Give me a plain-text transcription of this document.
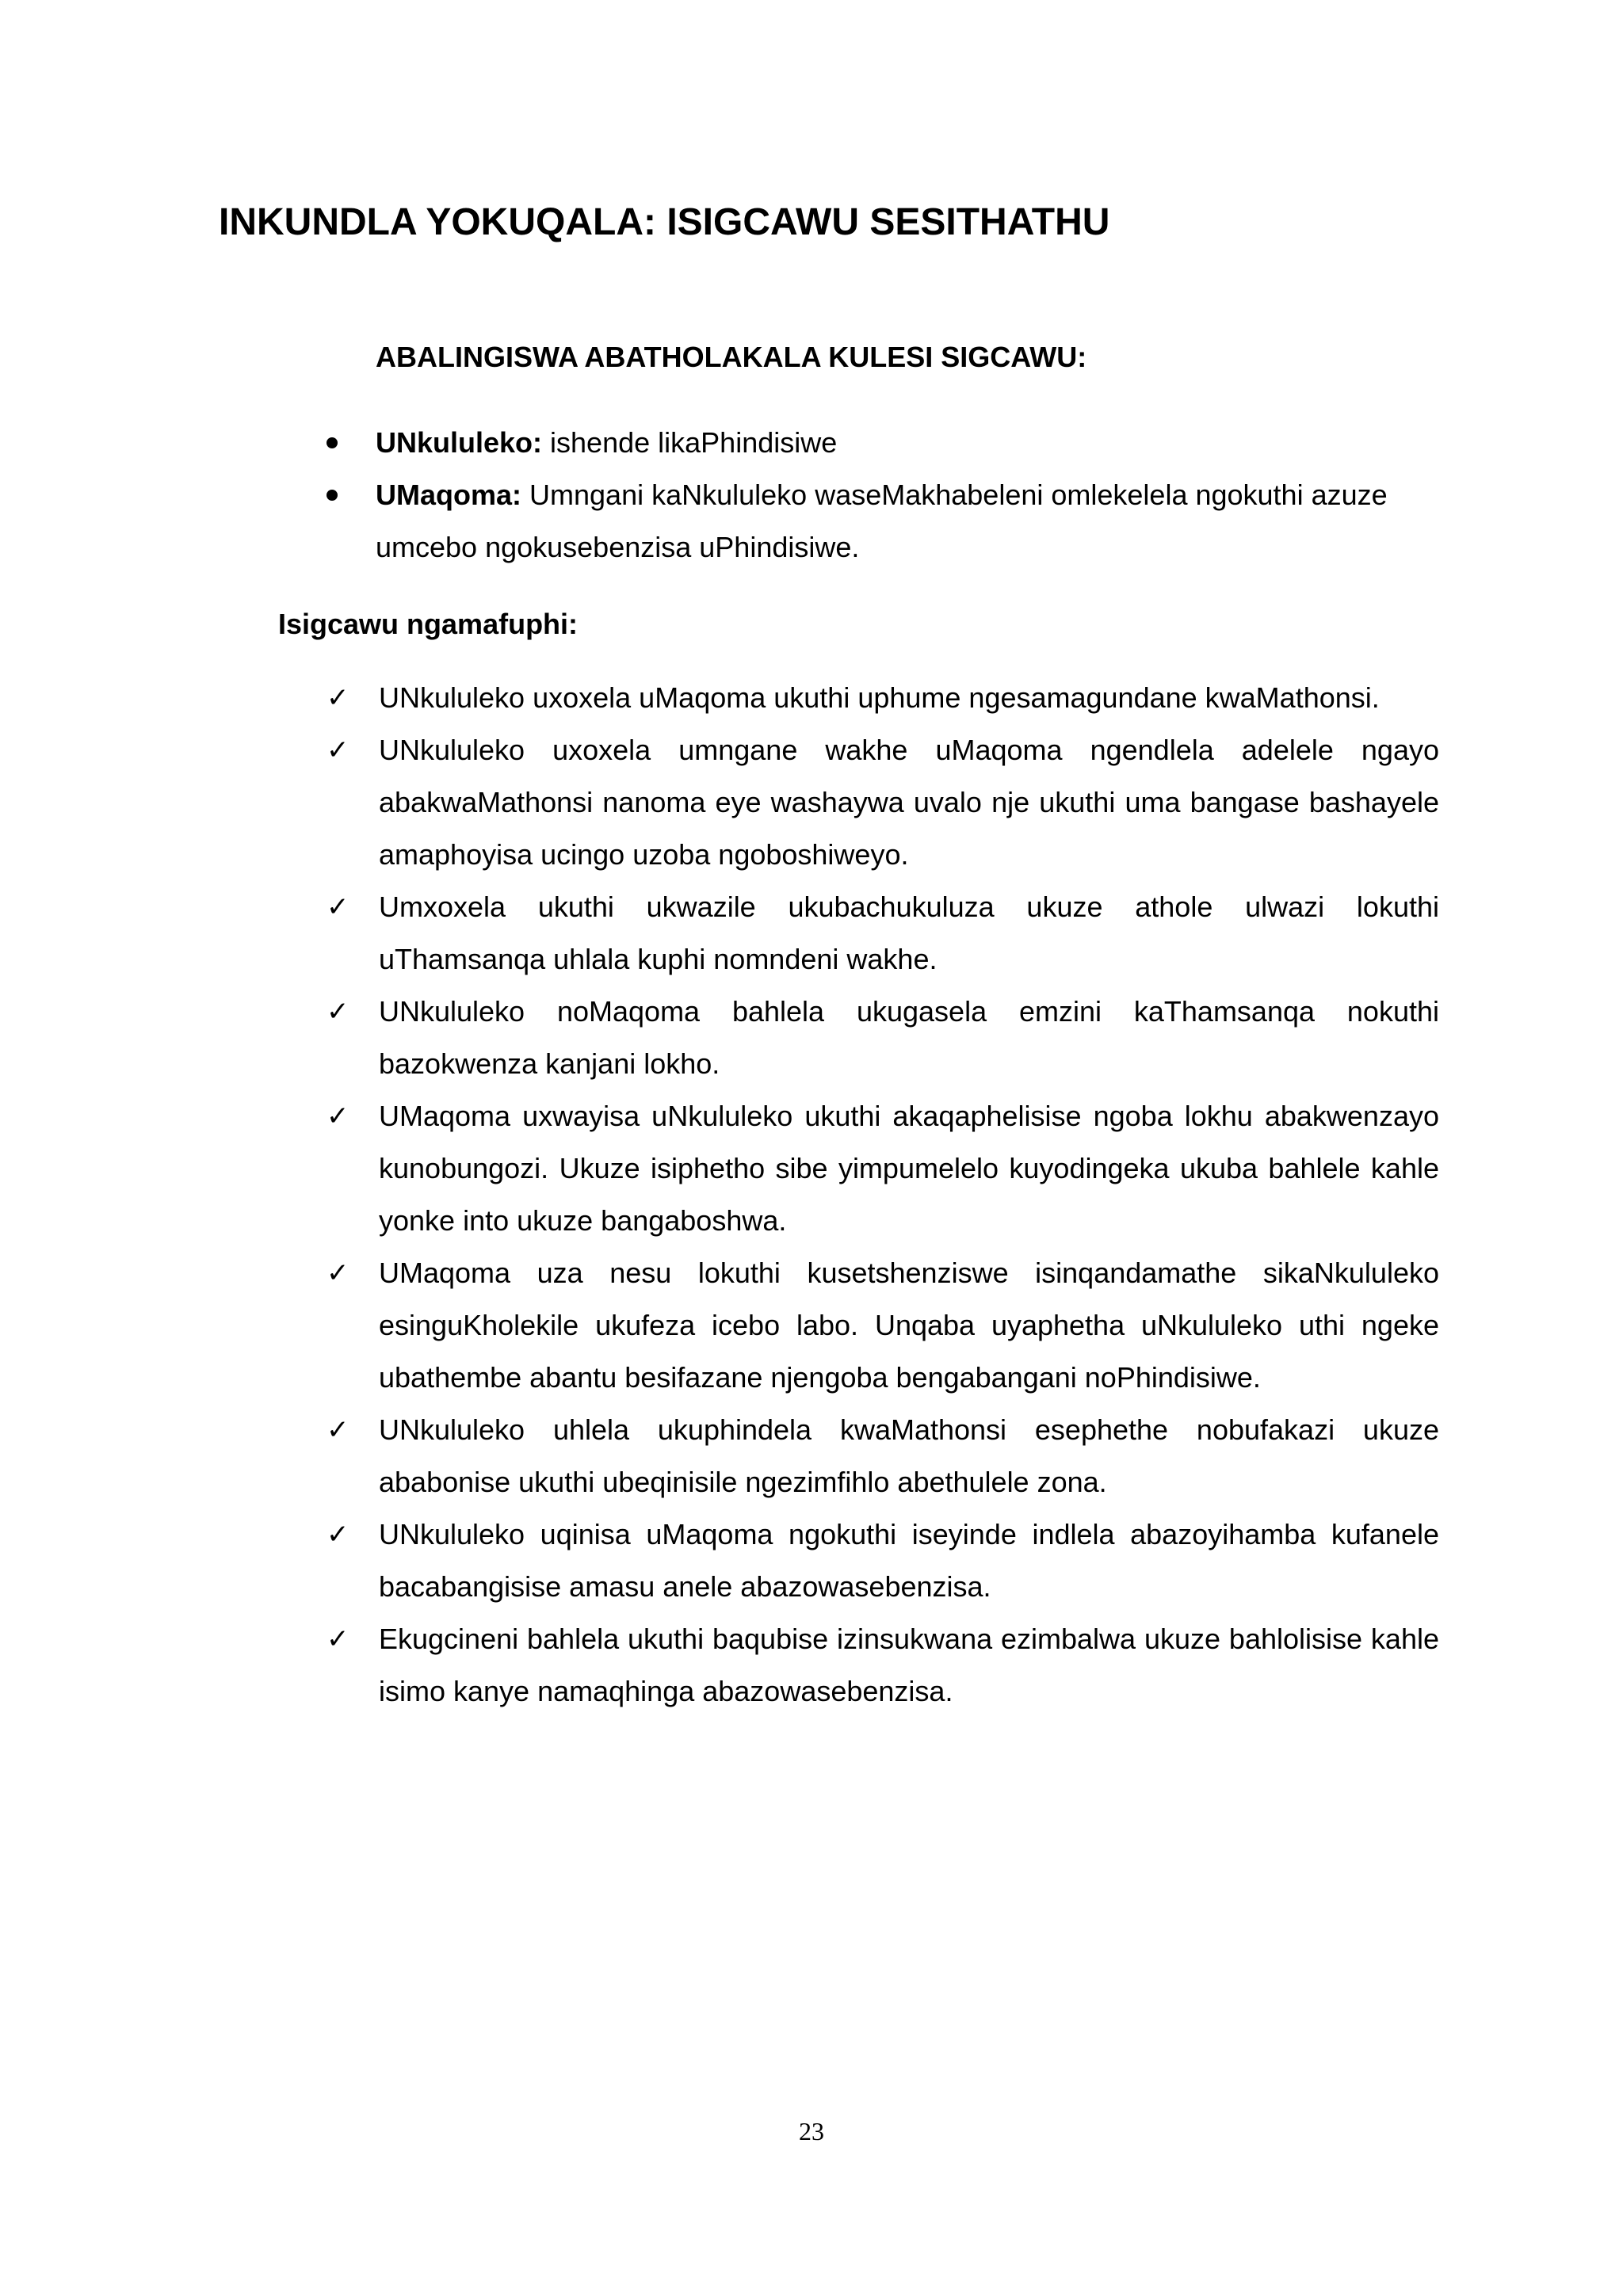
INKUNDLA YOKUQALA: ISIGCAWU SESITHATHU
ABALINGISWA ABATHOLAKALA KULESI SIGCAWU:
UNkululeko: ishende likaPhindisiwe
UMaqoma: Umngani kaNkululeko waseMakhabeleni omlekelela ngokuthi azuze umcebo ngokusebenzisa uPhindisiwe.
Isigcawu ngamafuphi:
✓ UNkululeko uxoxela uMaqoma ukuthi uphume ngesamagundane kwaMathonsi.
✓ UNkululeko uxoxela umngane wakhe uMaqoma ngendlela adelele ngayo abakwaMathonsi nanoma eye washaywa uvalo nje ukuthi uma bangase bashayele amaphoyisa ucingo uzoba ngoboshiweyo.
✓ Umxoxela ukuthi ukwazile ukubachukuluza ukuze athole ulwazi lokuthi uThamsanqa uhlala kuphi nomndeni wakhe.
✓ UNkululeko noMaqoma bahlela ukugasela emzini kaThamsanqa nokuthi bazokwenza kanjani lokho.
✓ UMaqoma uxwayisa uNkululeko ukuthi akaqaphelisise ngoba lokhu abakwenzayo kunobungozi. Ukuze isiphetho sibe yimpumelelo kuyodingeka ukuba bahlele kahle yonke into ukuze bangaboshwa.
✓ UMaqoma uza nesu lokuthi kusetshenziswe isinqandamathe sikaNkululeko esinguKholekile ukufeza icebo labo. Unqaba uyaphetha uNkululeko uthi ngeke ubathembe abantu besifazane njengoba bengabangani noPhindisiwe.
✓ UNkululeko uhlela ukuphindela kwaMathonsi esephethe nobufakazi ukuze ababonise ukuthi ubeqinisile ngezimfihlo abethulele zona.
✓ UNkululeko uqinisa uMaqoma ngokuthi iseyinde indlela abazoyihamba kufanele bacabangisise amasu anele abazowasebenzisa.
✓ Ekugcineni bahlela ukuthi baqubise izinsukwana ezimbalwa ukuze bahlolisise kahle isimo kanye namaqhinga abazowasebenzisa.
23
